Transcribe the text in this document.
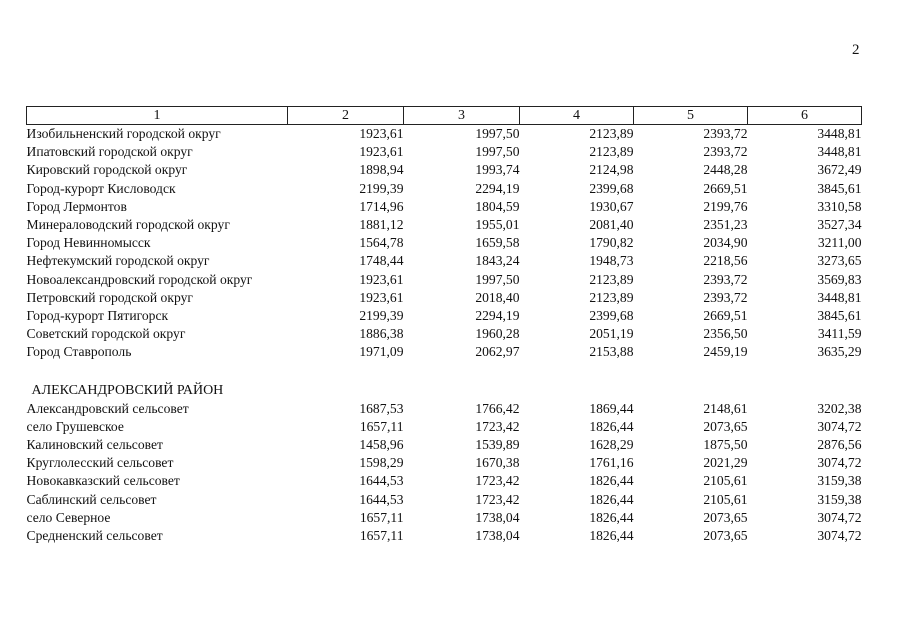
2
1	2	3	4	5	6
Изобильненский городской округ	1923,61	1997,50	2123,89	2393,72	3448,81
Ипатовский городской округ	1923,61	1997,50	2123,89	2393,72	3448,81
Кировский городской округ	1898,94	1993,74	2124,98	2448,28	3672,49
Город-курорт Кисловодск	2199,39	2294,19	2399,68	2669,51	3845,61
Город Лермонтов	1714,96	1804,59	1930,67	2199,76	3310,58
Минераловодский городской округ	1881,12	1955,01	2081,40	2351,23	3527,34
Город Невинномысск	1564,78	1659,58	1790,82	2034,90	3211,00
Нефтекумский городской округ	1748,44	1843,24	1948,73	2218,56	3273,65
Новоалександровский городской округ	1923,61	1997,50	2123,89	2393,72	3569,83
Петровский городской округ	1923,61	2018,40	2123,89	2393,72	3448,81
Город-курорт Пятигорск	2199,39	2294,19	2399,68	2669,51	3845,61
Советский городской округ	1886,38	1960,28	2051,19	2356,50	3411,59
Город Ставрополь	1971,09	2062,97	2153,88	2459,19	3635,29

АЛЕКСАНДРОВСКИЙ РАЙОН					
Александровский сельсовет	1687,53	1766,42	1869,44	2148,61	3202,38
село Грушевское	1657,11	1723,42	1826,44	2073,65	3074,72
Калиновский сельсовет	1458,96	1539,89	1628,29	1875,50	2876,56
Круглолесский сельсовет	1598,29	1670,38	1761,16	2021,29	3074,72
Новокавказский сельсовет	1644,53	1723,42	1826,44	2105,61	3159,38
Саблинский сельсовет	1644,53	1723,42	1826,44	2105,61	3159,38
село Северное	1657,11	1738,04	1826,44	2073,65	3074,72
Средненский сельсовет	1657,11	1738,04	1826,44	2073,65	3074,72
